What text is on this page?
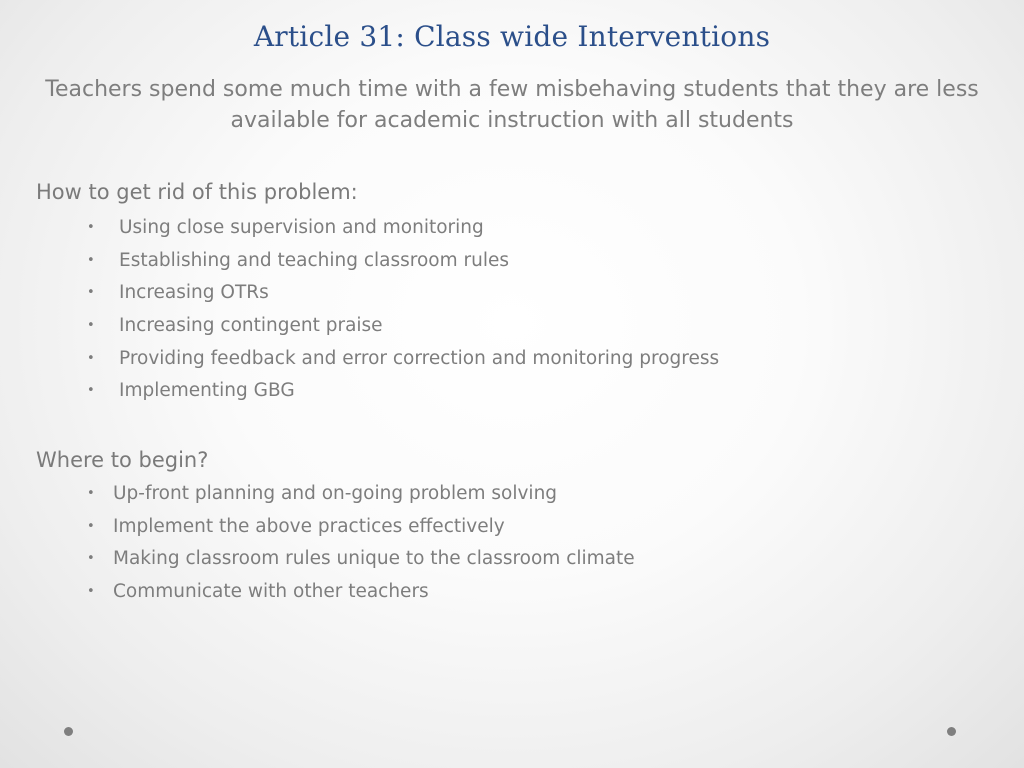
Article 31: Class wide Interventions
Teachers spend some much time with a few misbehaving students that they are less available for academic instruction with all students
How to get rid of this problem:
• Using close supervision and monitoring
• Establishing and teaching classroom rules
• Increasing OTRs
• Increasing contingent praise
• Providing feedback and error correction and monitoring progress
• Implementing GBG
Where to begin?
• Up-front planning and on-going problem solving
• Implement the above practices effectively
• Making classroom rules unique to the classroom climate
• Communicate with other teachers
